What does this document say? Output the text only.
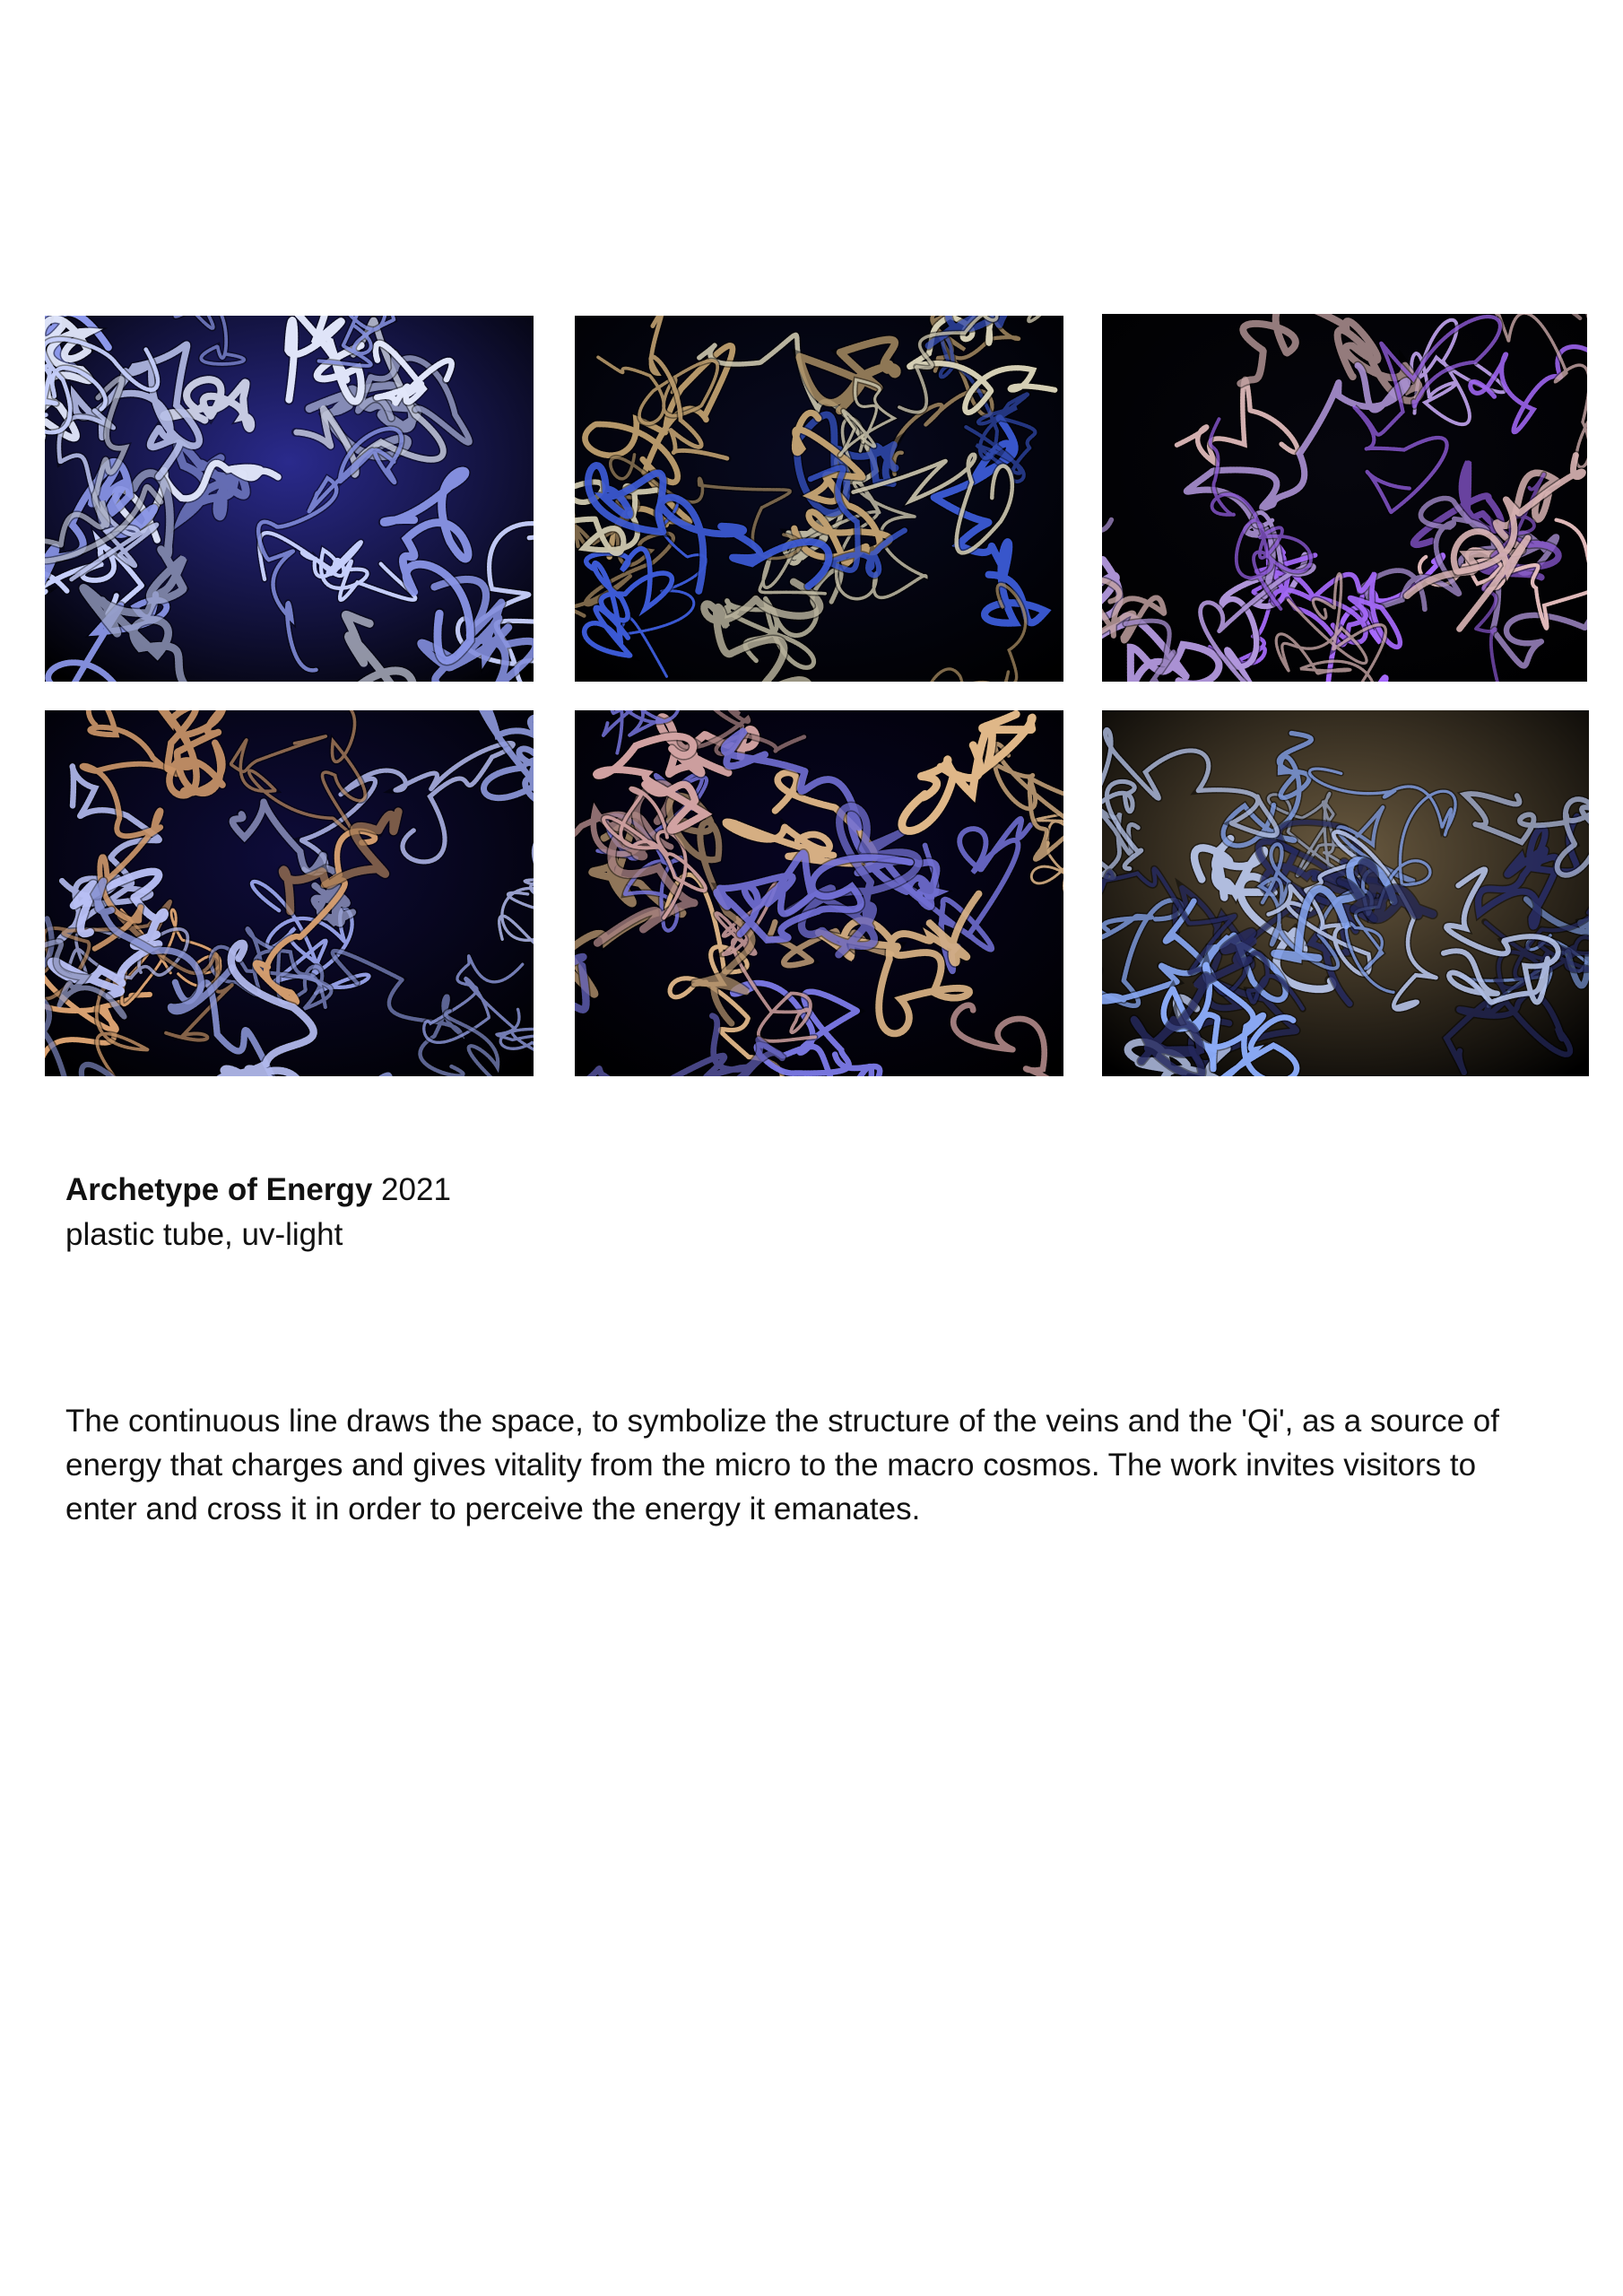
Archetype of Energy 2021
plastic tube, uv-light
The continuous line draws the space, to symbolize the structure of the veins and the 'Qi', as a source of energy that charges and gives vitality from the micro to the macro cosmos. The work invites visitors to enter and cross it in order to perceive the energy it emanates.
